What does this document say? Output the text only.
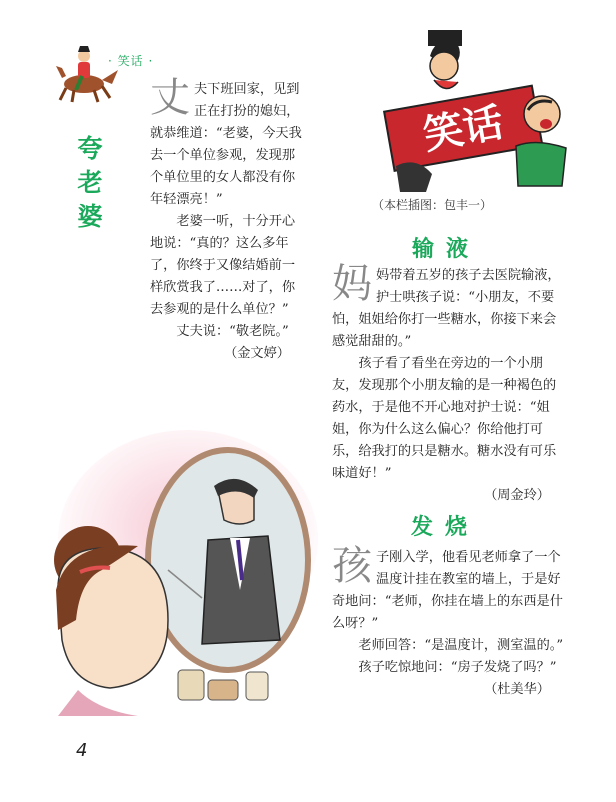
· 笑话 ·
夸
老
婆

丈夫下班回家，见到正在打扮的媳妇，就恭维道：“老婆，今天我去一个单位参观，发现那个单位里的女人都没有你年轻漂亮！”

老婆一听，十分开心地说：“真的？这么多年了，你终于又像结婚前一样欣赏我了……对了，你去参观的是什么单位？”

丈夫说：“敬老院。”

（金文婷）

笑话
（本栏插图：包丰一）
输液

妈妈带着五岁的孩子去医院输液，护士哄孩子说：“小朋友，不要怕，姐姐给你打一些糖水，你接下来会感觉甜甜的。”

孩子看了看坐在旁边的一个小朋友，发现那个小朋友输的是一种褐色的药水，于是他不开心地对护士说：“姐姐，你为什么这么偏心？你给他打可乐，给我打的只是糖水。糖水没有可乐味道好！”

（周金玲）

发烧

孩子刚入学，他看见老师拿了一个温度计挂在教室的墙上，于是好奇地问：“老师，你挂在墙上的东西是什么呀？”

老师回答：“是温度计，测室温的。”

孩子吃惊地问：“房子发烧了吗？”

（杜美华）

4
